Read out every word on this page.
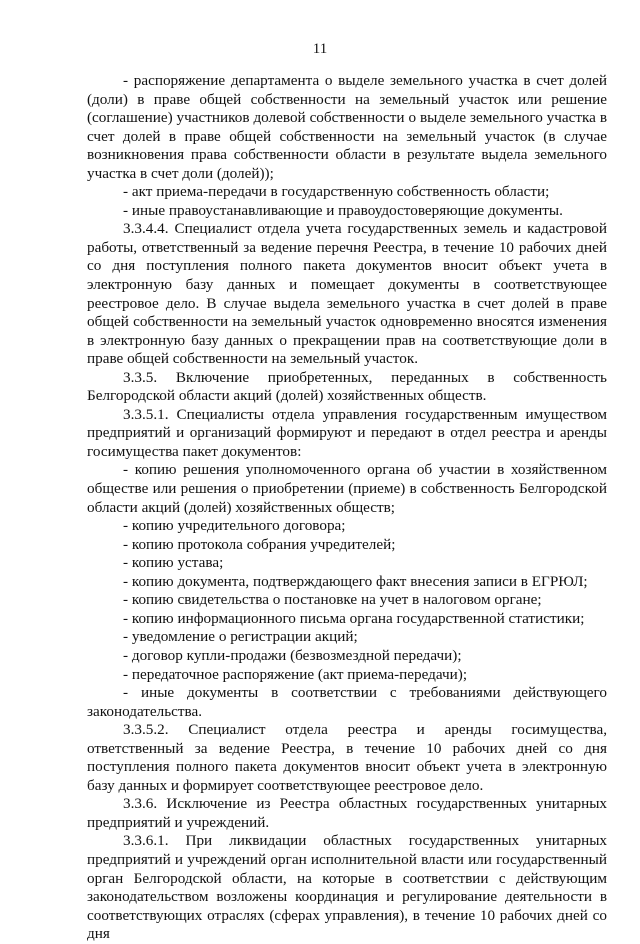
11

- распоряжение департамента о выделе земельного участка в счет долей (доли) в праве общей собственности на земельный участок или решение (соглашение) участников долевой собственности о выделе земельного участка в счет долей в праве общей собственности на земельный участок (в случае возникновения права собственности области в результате выдела земельного участка в счет доли (долей));

- акт приема-передачи в государственную собственность области;

- иные правоустанавливающие и правоудостоверяющие документы.

3.3.4.4. Специалист отдела учета государственных земель и кадастровой работы, ответственный за ведение перечня Реестра, в течение 10 рабочих дней со дня поступления полного пакета документов вносит объект учета в электронную базу данных и помещает документы в соответствующее реестровое дело. В случае выдела земельного участка в счет долей в праве общей собственности на земельный участок одновременно вносятся изменения в электронную базу данных о прекращении прав на соответствующие доли в праве общей собственности на земельный участок.

3.3.5. Включение приобретенных, переданных в собственность Белгородской области акций (долей) хозяйственных обществ.

3.3.5.1. Специалисты отдела управления государственным имуществом предприятий и организаций формируют и передают в отдел реестра и аренды госимущества пакет документов:

- копию решения уполномоченного органа об участии в хозяйственном обществе или решения о приобретении (приеме) в собственность Белгородской области акций (долей) хозяйственных обществ;

- копию учредительного договора;

- копию протокола собрания учредителей;

- копию устава;

- копию документа, подтверждающего факт внесения записи в ЕГРЮЛ;

- копию свидетельства о постановке на учет в налоговом органе;

- копию информационного письма органа государственной статистики;

- уведомление о регистрации акций;

- договор купли-продажи (безвозмездной передачи);

- передаточное распоряжение (акт приема-передачи);

- иные документы в соответствии с требованиями действующего законодательства.

3.3.5.2. Специалист отдела реестра и аренды госимущества, ответственный за ведение Реестра, в течение 10 рабочих дней со дня поступления полного пакета документов вносит объект учета в электронную базу данных и формирует соответствующее реестровое дело.

3.3.6. Исключение из Реестра областных государственных унитарных предприятий и учреждений.

3.3.6.1. При ликвидации областных государственных унитарных предприятий и учреждений орган исполнительной власти или государственный орган Белгородской области, на которые в соответствии с действующим законодательством возложены координация и регулирование деятельности в соответствующих отраслях (сферах управления), в течение 10 рабочих дней со дня
